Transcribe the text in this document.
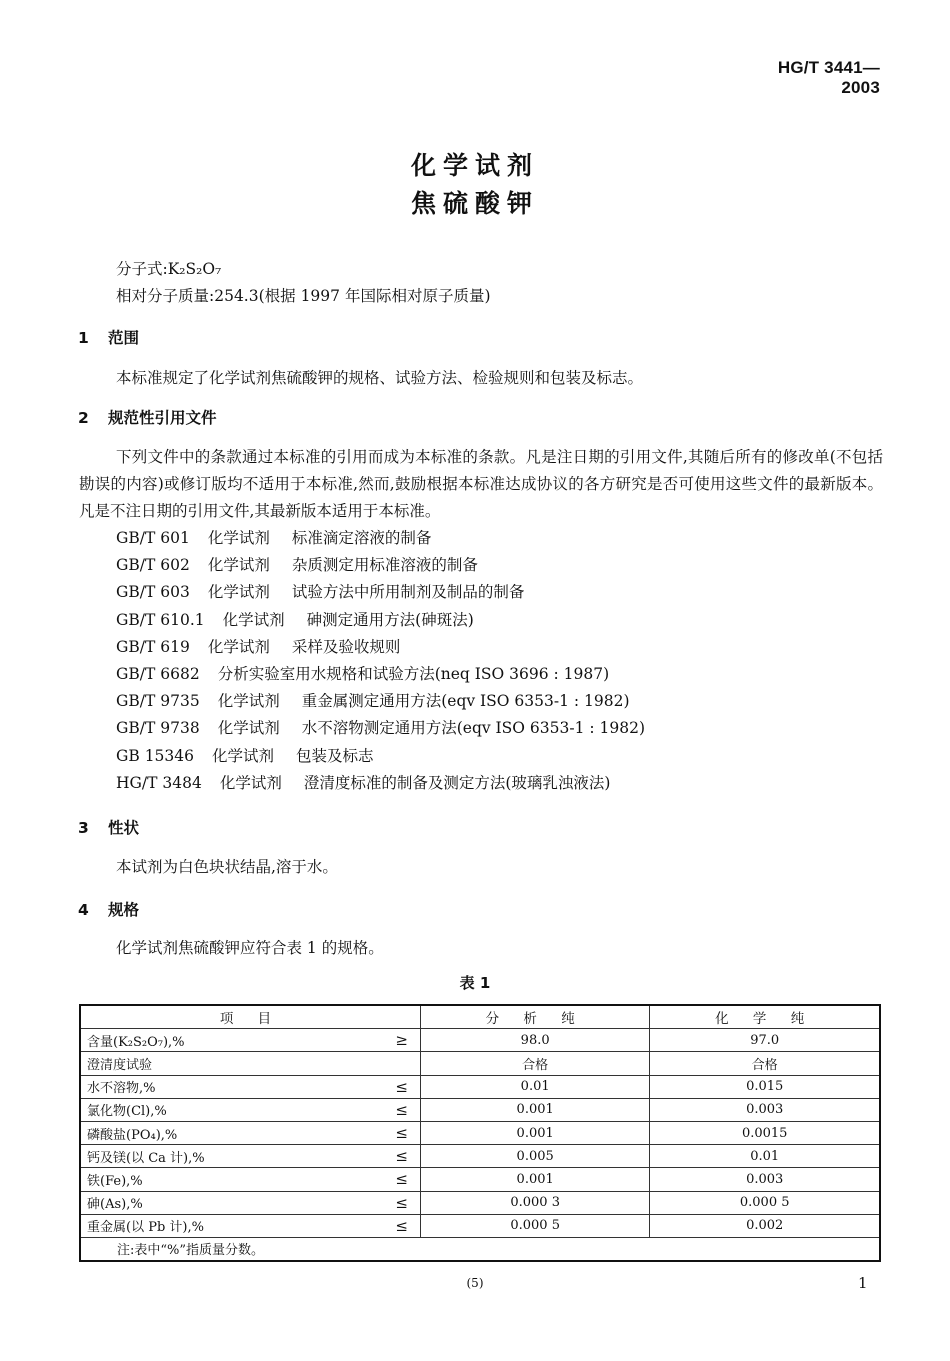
HG/T 3441—2003
化学试剂
焦硫酸钾
分子式:K₂S₂O₇
相对分子质量:254.3(根据 1997 年国际相对原子质量)
1 范围
本标准规定了化学试剂焦硫酸钾的规格、试验方法、检验规则和包装及标志。
2 规范性引用文件
下列文件中的条款通过本标准的引用而成为本标准的条款。凡是注日期的引用文件,其随后所有的修改单(不包括勘误的内容)或修订版均不适用于本标准,然而,鼓励根据本标准达成协议的各方研究是否可使用这些文件的最新版本。凡是不注日期的引用文件,其最新版本适用于本标准。
GB/T 601 化学试剂 标准滴定溶液的制备
GB/T 602 化学试剂 杂质测定用标准溶液的制备
GB/T 603 化学试剂 试验方法中所用制剂及制品的制备
GB/T 610.1 化学试剂 砷测定通用方法(砷斑法)
GB/T 619 化学试剂 采样及验收规则
GB/T 6682 分析实验室用水规格和试验方法(neq ISO 3696 : 1987)
GB/T 9735 化学试剂 重金属测定通用方法(eqv ISO 6353-1 : 1982)
GB/T 9738 化学试剂 水不溶物测定通用方法(eqv ISO 6353-1 : 1982)
GB 15346 化学试剂 包装及标志
HG/T 3484 化学试剂 澄清度标准的制备及测定方法(玻璃乳浊液法)
3 性状
本试剂为白色块状结晶,溶于水。
4 规格
化学试剂焦硫酸钾应符合表 1 的规格。
表 1
项 目	分 析 纯	化 学 纯
含量(K₂S₂O₇),% ≥	98.0	97.0
澄清度试验	合格	合格
水不溶物,% ≤	0.01	0.015
氯化物(Cl),% ≤	0.001	0.003
磷酸盐(PO₄),% ≤	0.001	0.0015
钙及镁(以 Ca 计),% ≤	0.005	0.01
铁(Fe),% ≤	0.001	0.003
砷(As),% ≤	0.000 3	0.000 5
重金属(以 Pb 计),% ≤	0.000 5	0.002
注:表中“%”指质量分数。		
(5)	1
